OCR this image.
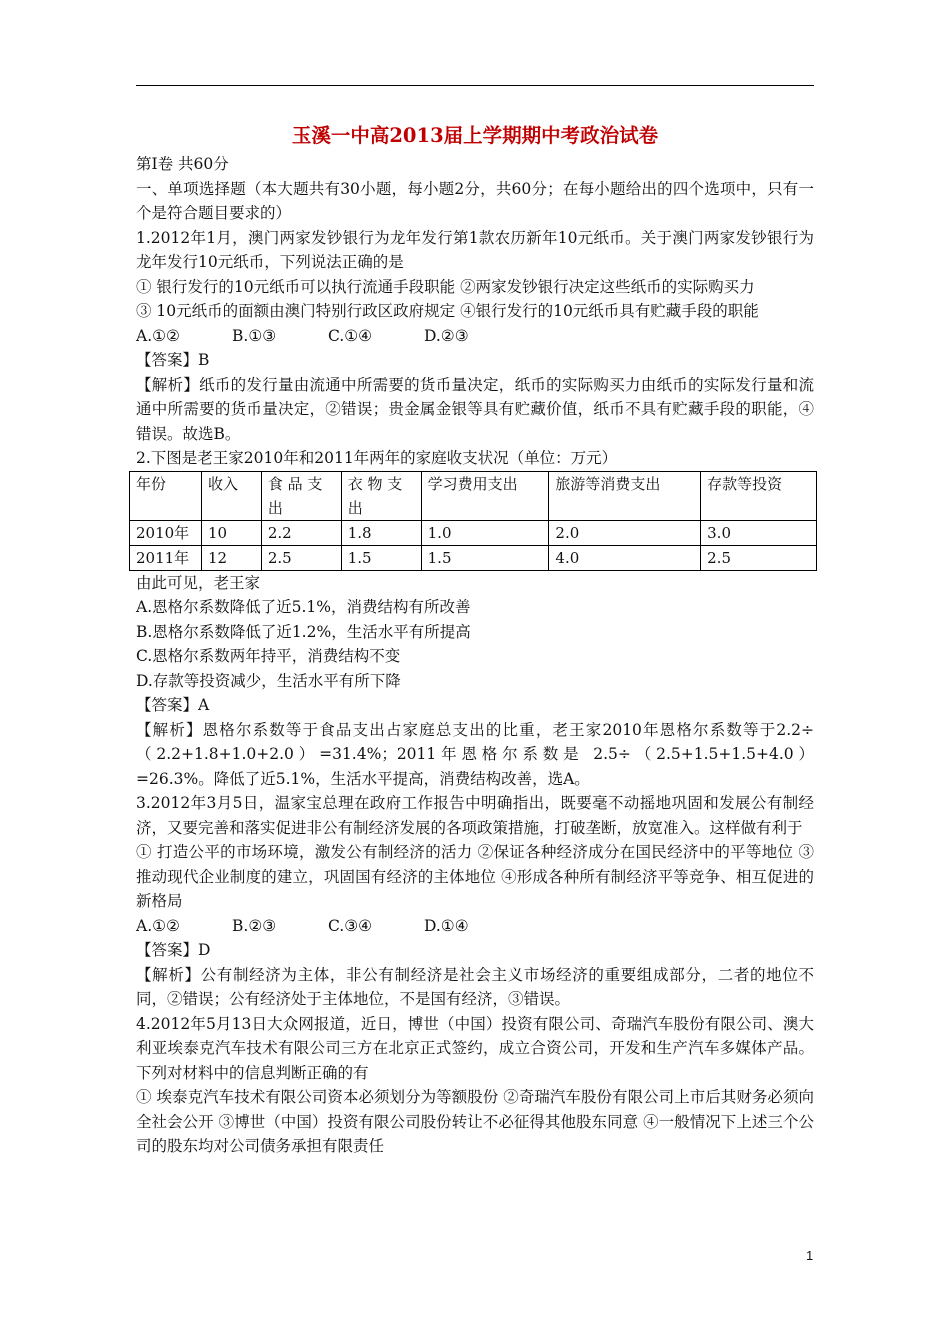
玉溪一中高2013届上学期期中考政治试卷

第Ⅰ卷 共60分

一、单项选择题（本大题共有30小题，每小题2分，共60分；在每小题给出的四个选项中，只有一个是符合题目要求的）

1.2012年1月，澳门两家发钞银行为龙年发行第1款农历新年10元纸币。关于澳门两家发钞银行为龙年发行10元纸币，下列说法正确的是

① 银行发行的10元纸币可以执行流通手段职能 ②两家发钞银行决定这些纸币的实际购买力

③ 10元纸币的面额由澳门特别行政区政府规定 ④银行发行的10元纸币具有贮藏手段的职能

A.①②	B.①③	C.①④	D.②③

【答案】B

【解析】纸币的发行量由流通中所需要的货币量决定，纸币的实际购买力由纸币的实际发行量和流通中所需要的货币量决定，②错误；贵金属金银等具有贮藏价值，纸币不具有贮藏手段的职能，④错误。故选B。

2.下图是老王家2010年和2011年两年的家庭收支状况（单位：万元）

年份	收入	食 品 支 出	衣 物 支 出	学习费用支出	旅游等消费支出	存款等投资
2010年	10	2.2	1.8	1.0	2.0	3.0
2011年	12	2.5	1.5	1.5	4.0	2.5

由此可见，老王家

A.恩格尔系数降低了近5.1%，消费结构有所改善

B.恩格尔系数降低了近1.2%，生活水平有所提高

C.恩格尔系数两年持平，消费结构不变

D.存款等投资减少，生活水平有所下降

【答案】A

【解析】恩格尔系数等于食品支出占家庭总支出的比重，老王家2010年恩格尔系数等于2.2÷（2.2+1.8+1.0+2.0）=31.4%；2011年恩格尔系数是 2.5÷（2.5+1.5+1.5+4.0）=26.3%。降低了近5.1%，生活水平提高，消费结构改善，选A。

3.2012年3月5日，温家宝总理在政府工作报告中明确指出，既要毫不动摇地巩固和发展公有制经济，又要完善和落实促进非公有制经济发展的各项政策措施，打破垄断，放宽准入。这样做有利于

① 打造公平的市场环境，激发公有制经济的活力 ②保证各种经济成分在国民经济中的平等地位 ③推动现代企业制度的建立，巩固国有经济的主体地位 ④形成各种所有制经济平等竞争、相互促进的新格局

A.①②	B.②③	C.③④	D.①④

【答案】D

【解析】公有制经济为主体，非公有制经济是社会主义市场经济的重要组成部分，二者的地位不同，②错误；公有经济处于主体地位，不是国有经济，③错误。

4.2012年5月13日大众网报道，近日，博世（中国）投资有限公司、奇瑞汽车股份有限公司、澳大利亚埃泰克汽车技术有限公司三方在北京正式签约，成立合资公司，开发和生产汽车多媒体产品。下列对材料中的信息判断正确的有

① 埃泰克汽车技术有限公司资本必须划分为等额股份 ②奇瑞汽车股份有限公司上市后其财务必须向全社会公开 ③博世（中国）投资有限公司股份转让不必征得其他股东同意 ④一般情况下上述三个公司的股东均对公司债务承担有限责任

1
